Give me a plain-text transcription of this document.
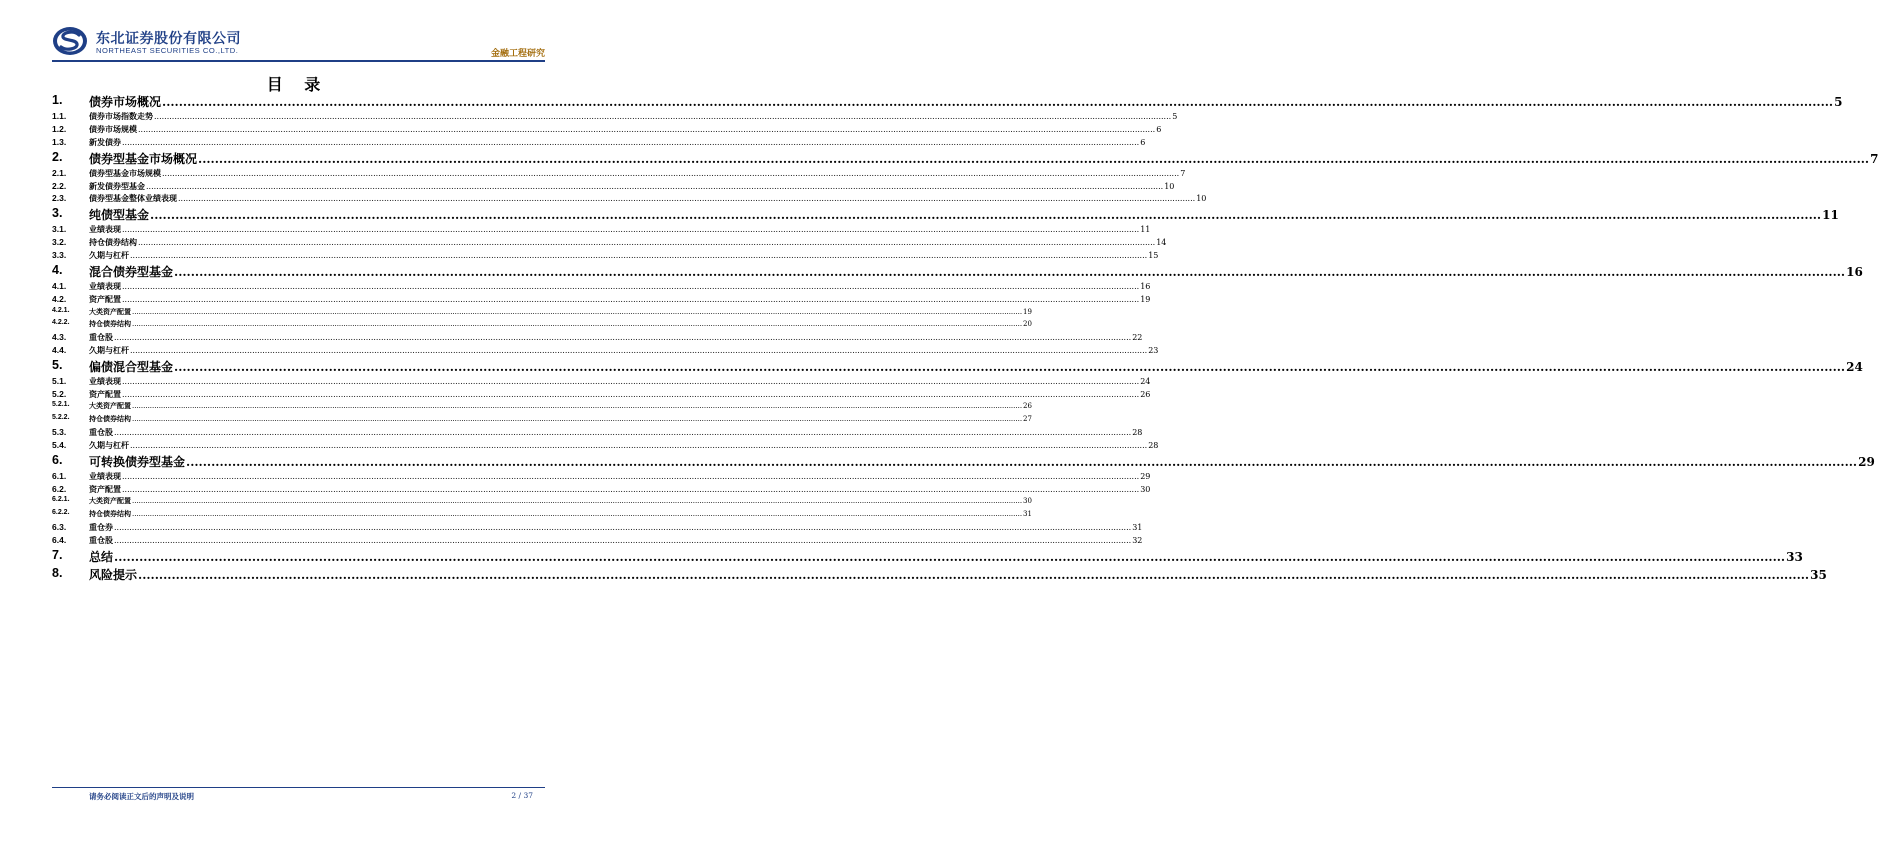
东北证券股份有限公司
NORTHEAST SECURITIES CO.,LTD.	金融工程研究
目 录
1. 债券市场概况 ................................................................................................................................................................................................................................................................................................................................................................................................................ 5
1.1.	债券市场指数走势 ................................................................................................................................................................................................................................................................................................................................................................................................................ 5
1.2.	债券市场规模 ................................................................................................................................................................................................................................................................................................................................................................................................................ 6
1.3.	新发债券 ................................................................................................................................................................................................................................................................................................................................................................................................................ 6
2. 债券型基金市场概况 ................................................................................................................................................................................................................................................................................................................................................................................................................ 7
2.1.	债券型基金市场规模 ................................................................................................................................................................................................................................................................................................................................................................................................................ 7
2.2.	新发债券型基金 ................................................................................................................................................................................................................................................................................................................................................................................................................ 10
2.3.	债券型基金整体业绩表现 ................................................................................................................................................................................................................................................................................................................................................................................................................ 10
3. 纯债型基金 ................................................................................................................................................................................................................................................................................................................................................................................................................ 11
3.1.	业绩表现 ................................................................................................................................................................................................................................................................................................................................................................................................................ 11
3.2.	持仓债券结构 ................................................................................................................................................................................................................................................................................................................................................................................................................ 14
3.3.	久期与杠杆 ................................................................................................................................................................................................................................................................................................................................................................................................................ 15
4. 混合债券型基金 ................................................................................................................................................................................................................................................................................................................................................................................................................ 16
4.1.	业绩表现 ................................................................................................................................................................................................................................................................................................................................................................................................................ 16
4.2.	资产配置 ................................................................................................................................................................................................................................................................................................................................................................................................................ 19
4.2.1.	大类资产配置 ................................................................................................................................................................................................................................................................................................................................................................................................................ 19
4.2.2.	持仓债券结构 ................................................................................................................................................................................................................................................................................................................................................................................................................ 20
4.3.	重仓股 ................................................................................................................................................................................................................................................................................................................................................................................................................ 22
4.4.	久期与杠杆 ................................................................................................................................................................................................................................................................................................................................................................................................................ 23
5. 偏债混合型基金 ................................................................................................................................................................................................................................................................................................................................................................................................................ 24
5.1.	业绩表现 ................................................................................................................................................................................................................................................................................................................................................................................................................ 24
5.2.	资产配置 ................................................................................................................................................................................................................................................................................................................................................................................................................ 26
5.2.1.	大类资产配置 ................................................................................................................................................................................................................................................................................................................................................................................................................ 26
5.2.2.	持仓债券结构 ................................................................................................................................................................................................................................................................................................................................................................................................................ 27
5.3.	重仓股 ................................................................................................................................................................................................................................................................................................................................................................................................................ 28
5.4.	久期与杠杆 ................................................................................................................................................................................................................................................................................................................................................................................................................ 28
6. 可转换债券型基金 ................................................................................................................................................................................................................................................................................................................................................................................................................ 29
6.1.	业绩表现 ................................................................................................................................................................................................................................................................................................................................................................................................................ 29
6.2.	资产配置 ................................................................................................................................................................................................................................................................................................................................................................................................................ 30
6.2.1.	大类资产配置 ................................................................................................................................................................................................................................................................................................................................................................................................................ 30
6.2.2.	持仓债券结构 ................................................................................................................................................................................................................................................................................................................................................................................................................ 31
6.3.	重仓券 ................................................................................................................................................................................................................................................................................................................................................................................................................ 31
6.4.	重仓股 ................................................................................................................................................................................................................................................................................................................................................................................................................ 32
7. 总结 ................................................................................................................................................................................................................................................................................................................................................................................................................ 33
8. 风险提示 ................................................................................................................................................................................................................................................................................................................................................................................................................ 35
请务必阅读正文后的声明及说明	2 / 37
